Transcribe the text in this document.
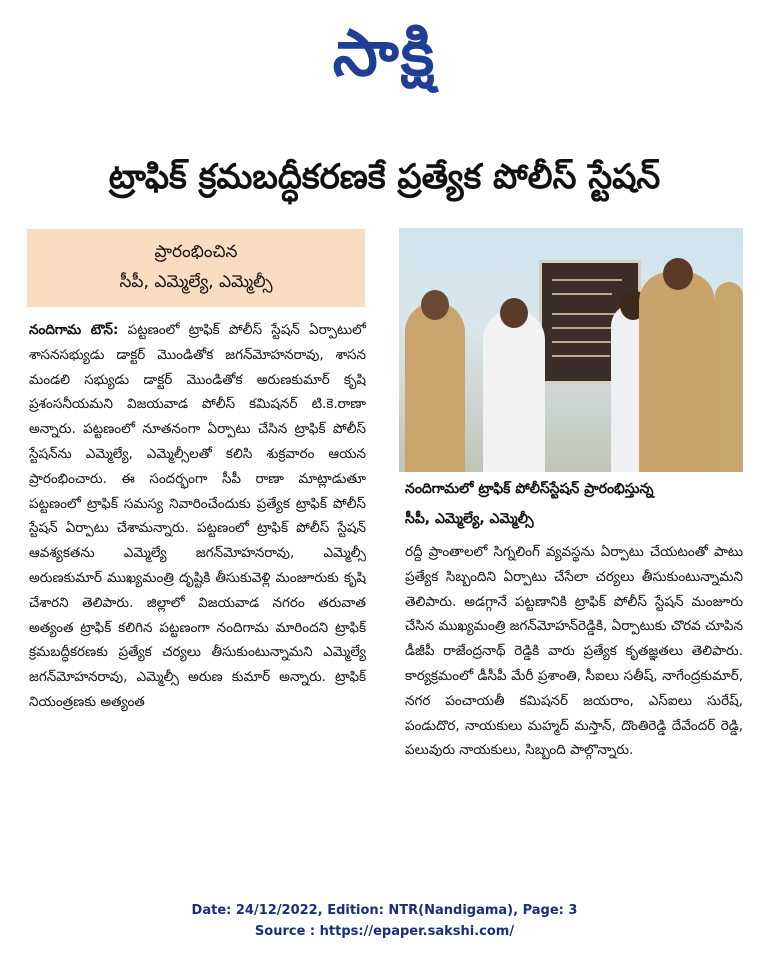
సాక్షి
ట్రాఫిక్ క్రమబద్ధీకరణకే ప్రత్యేక పోలీస్ స్టేషన్
ప్రారంభించిన
సీపీ, ఎమ్మెల్యే, ఎమ్మెల్సీ
నందిగామ టౌన్: పట్టణంలో ట్రాఫిక్ పోలీస్ స్టేషన్ ఏర్పాటులో శాసనసభ్యుడు డాక్టర్ మొండితోక జగన్‌మోహనరావు, శాసన మండలి సభ్యుడు డాక్టర్ మొండితోక అరుణకుమార్ కృషి ప్రశంసనీయమని విజయవాడ పోలీస్ కమిషనర్ టి.కె.రాణా అన్నారు. పట్టణంలో నూతనంగా ఏర్పాటు చేసిన ట్రాఫిక్ పోలీస్ స్టేషన్‌ను ఎమ్మెల్యే, ఎమ్మెల్సీలతో కలిసి శుక్రవారం ఆయన ప్రారంభించారు. ఈ సందర్భంగా సీపీ రాణా మాట్లాడుతూ పట్టణంలో ట్రాఫిక్ సమస్య నివారించేందుకు ప్రత్యేక ట్రాఫిక్ పోలీస్ స్టేషన్ ఏర్పాటు చేశామన్నారు. పట్టణంలో ట్రాఫిక్ పోలీస్ స్టేషన్ ఆవశ్యకతను ఎమ్మెల్యే జగన్‌మోహనరావు, ఎమ్మెల్సీ అరుణకుమార్ ముఖ్యమంత్రి దృష్టికి తీసుకువెళ్లి మంజూరుకు కృషి చేశారని తెలిపారు. జిల్లాలో విజయవాడ నగరం తరువాత అత్యంత ట్రాఫిక్ కలిగిన పట్టణంగా నందిగామ మారిందని ట్రాఫిక్ క్రమబద్ధీకరణకు ప్రత్యేక చర్యలు తీసుకుంటున్నామని ఎమ్మెల్యే జగన్‌మోహనరావు, ఎమ్మెల్సీ అరుణ కుమార్ అన్నారు. ట్రాఫిక్ నియంత్రణకు అత్యంత
నందిగామలో ట్రాఫిక్ పోలీస్‌స్టేషన్ ప్రారంభిస్తున్న
సీపీ, ఎమ్మెల్యే, ఎమ్మెల్సీ
రద్దీ ప్రాంతాలలో సిగ్నలింగ్ వ్యవస్థను ఏర్పాటు చేయటంతో పాటు ప్రత్యేక సిబ్బందిని ఏర్పాటు చేసేలా చర్యలు తీసుకుంటున్నామని తెలిపారు. అడగ్గానే పట్టణానికి ట్రాఫిక్ పోలీస్ స్టేషన్ మంజూరు చేసిన ముఖ్యమంత్రి జగన్‌మోహన్‌రెడ్డికి, ఏర్పాటుకు చొరవ చూపిన డీజీపీ రాజేంద్రనాథ్ రెడ్డికి వారు ప్రత్యేక కృతజ్ఞతలు తెలిపారు. కార్యక్రమంలో డీసీపీ మేరీ ప్రశాంతి, సీఐలు సతీష్, నాగేంద్రకుమార్, నగర పంచాయతీ కమిషనర్ జయరాం, ఎస్ఐలు సురేష్, పండుదొర, నాయకులు మహ్మద్ మస్తాన్, దొంతిరెడ్డి దేవేందర్ రెడ్డి, పలువురు నాయకులు, సిబ్బంది పాల్గొన్నారు.
Date: 24/12/2022, Edition: NTR(Nandigama), Page: 3
Source : https://epaper.sakshi.com/
